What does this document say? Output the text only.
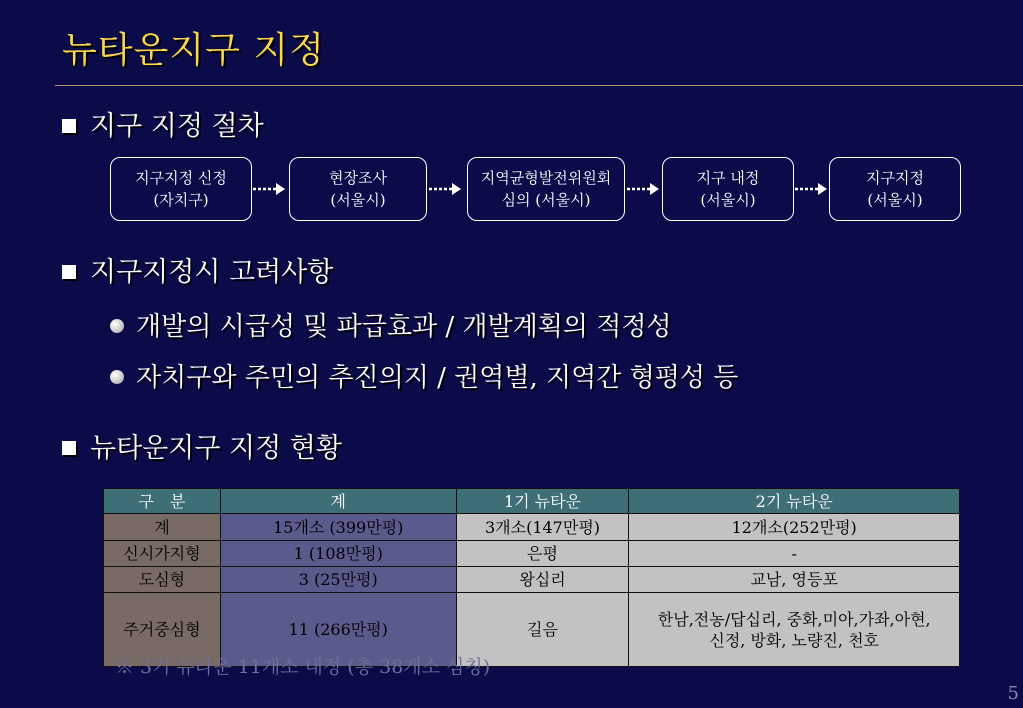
뉴타운지구 지정
지구 지정 절차
지구지정 신정
(자치구)
현장조사
(서울시)
지역균형발전위원회
심의 (서울시)
지구 내정
(서울시)
지구지정
(서울시)
지구지정시 고려사항
개발의 시급성 및 파급효과 / 개발계획의 적정성
자치구와 주민의 추진의지 / 권역별, 지역간 형평성 등
뉴타운지구 지정 현황
구　분	계	1기 뉴타운	2기 뉴타운
계	15개소 (399만평)	3개소(147만평)	12개소(252만평)
신시가지형	1 (108만평)	은평	-
도심형	3 (25만평)	왕십리	교남, 영등포
주거중심형	11 (266만평)	길음	한남,전농/답십리, 중화,미아,가좌,아현,
신정, 방화, 노량진, 천호
※ 3기 뉴타운 11개소 내정 (총 38개소 심칭)
5
